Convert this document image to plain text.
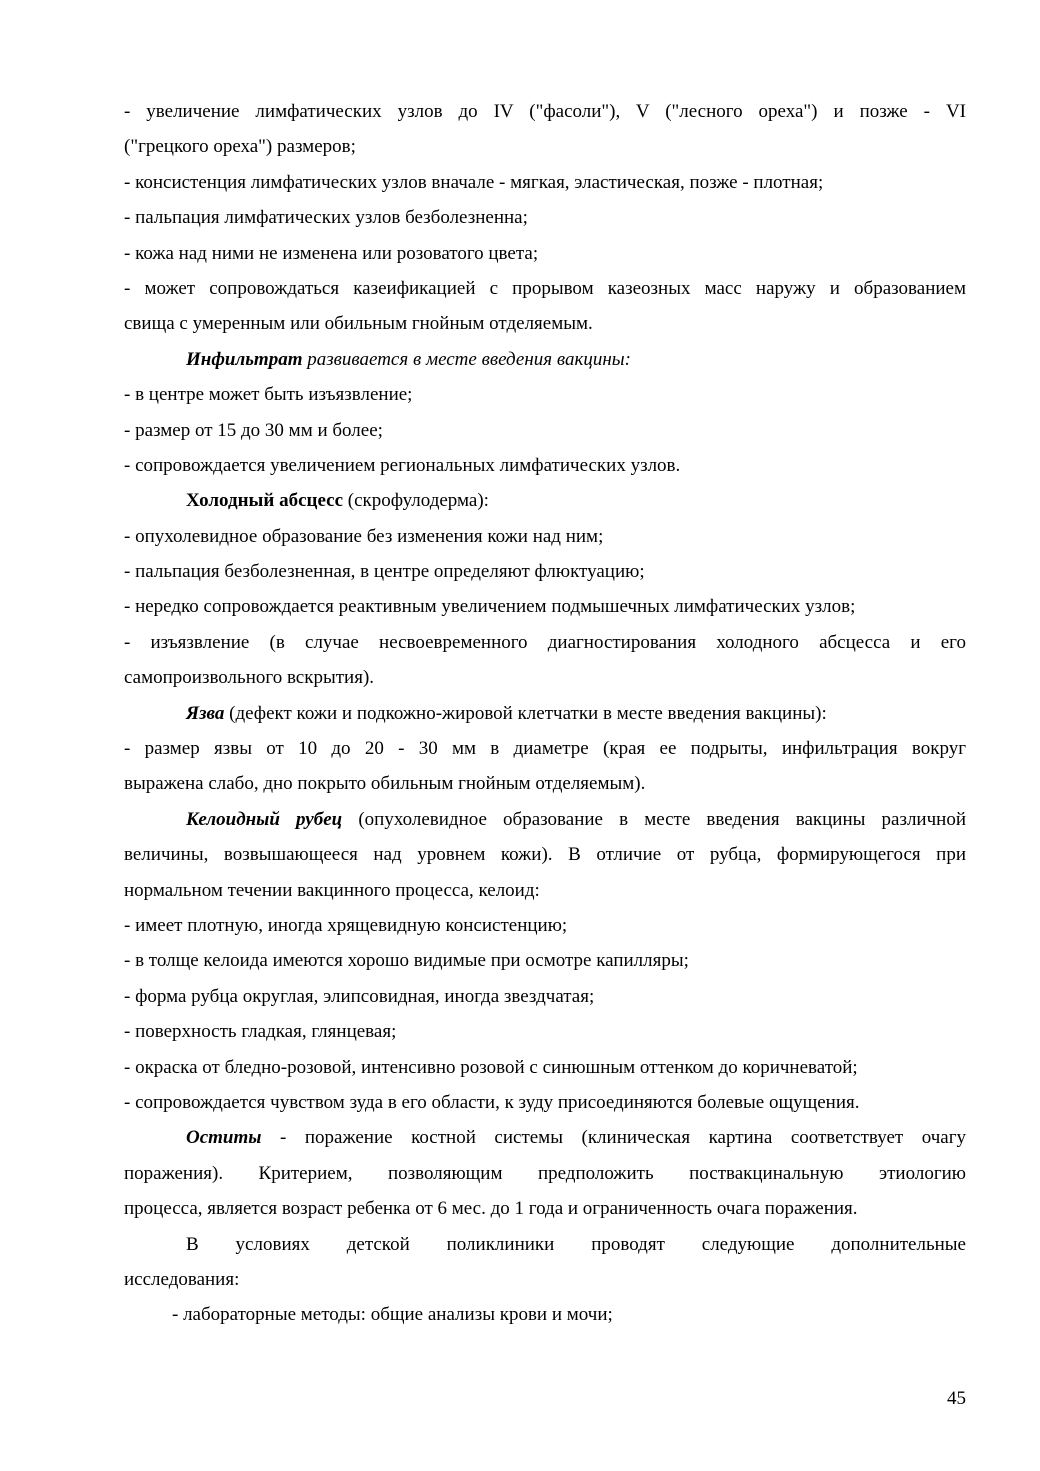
- увеличение лимфатических узлов до IV ("фасоли"), V ("лесного ореха") и позже - VI
("грецкого ореха") размеров;
- консистенция лимфатических узлов вначале - мягкая, эластическая, позже - плотная;
- пальпация лимфатических узлов безболезненна;
- кожа над ними не изменена или розоватого цвета;
- может сопровождаться казеификацией с прорывом казеозных масс наружу и образованием
свища с умеренным или обильным гнойным отделяемым.
Инфильтрат развивается в месте введения вакцины:
- в центре может быть изъязвление;
- размер от 15 до 30 мм и более;
- сопровождается увеличением региональных лимфатических узлов.
Холодный абсцесс (скрофулодерма):
- опухолевидное образование без изменения кожи над ним;
- пальпация безболезненная, в центре определяют флюктуацию;
- нередко сопровождается реактивным увеличением подмышечных лимфатических узлов;
- изъязвление (в случае несвоевременного диагностирования холодного абсцесса и его
самопроизвольного вскрытия).
Язва (дефект кожи и подкожно-жировой клетчатки в месте введения вакцины):
- размер язвы от 10 до 20 - 30 мм в диаметре (края ее подрыты, инфильтрация вокруг
выражена слабо, дно покрыто обильным гнойным отделяемым).
Келоидный рубец (опухолевидное образование в месте введения вакцины различной
величины, возвышающееся над уровнем кожи). В отличие от рубца, формирующегося при
нормальном течении вакцинного процесса, келоид:
- имеет плотную, иногда хрящевидную консистенцию;
- в толще келоида имеются хорошо видимые при осмотре капилляры;
- форма рубца округлая, элипсовидная, иногда звездчатая;
- поверхность гладкая, глянцевая;
- окраска от бледно-розовой, интенсивно розовой с синюшным оттенком до коричневатой;
- сопровождается чувством зуда в его области, к зуду присоединяются болевые ощущения.
Оститы - поражение костной системы (клиническая картина соответствует очагу
поражения). Критерием, позволяющим предположить поствакцинальную этиологию
процесса, является возраст ребенка от 6 мес. до 1 года и ограниченность очага поражения.
В условиях детской поликлиники проводят следующие дополнительные
исследования:
- лабораторные методы: общие анализы крови и мочи;
45
